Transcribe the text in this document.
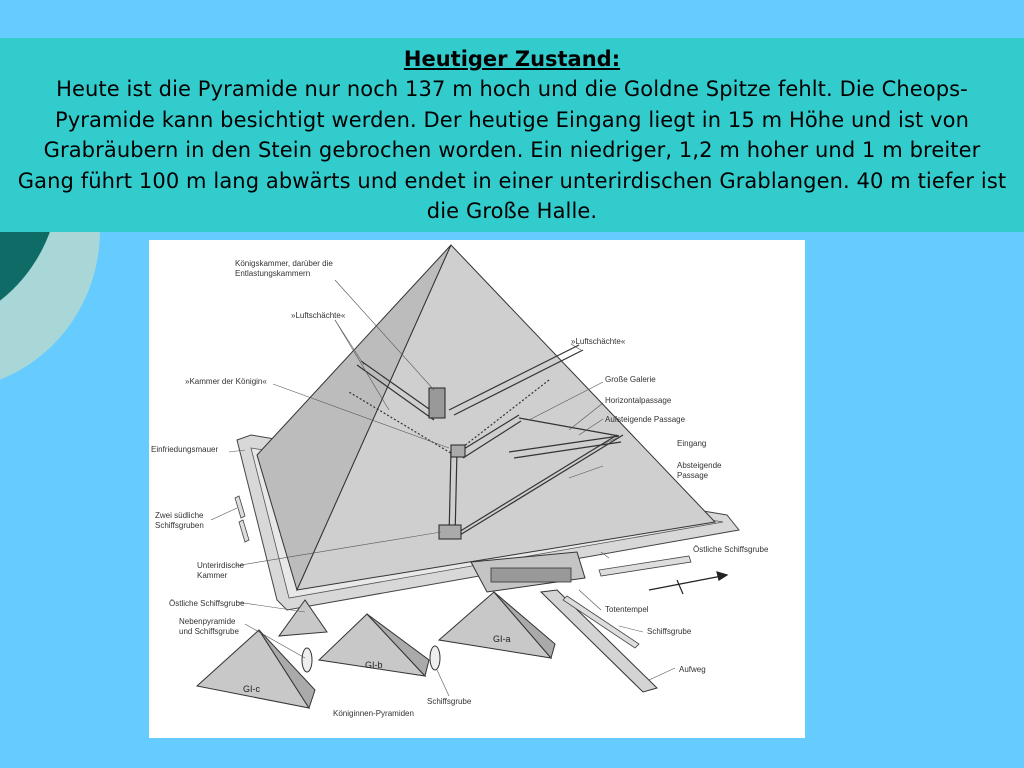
Heutiger Zustand:
Heute ist die Pyramide nur noch 137 m hoch und die Goldne Spitze fehlt. Die Cheops-Pyramide kann besichtigt werden. Der heutige Eingang liegt in 15 m Höhe und ist von Grabräubern in den Stein gebrochen worden. Ein niedriger, 1,2 m hoher und 1 m breiter Gang führt 100 m lang abwärts und endet in einer unterirdischen Grablangen. 40 m tiefer ist die Große Halle.
Königskammer, darüber die
Entlastungskammern
»Luftschächte«
»Luftschächte«
»Kammer der Königin«	Große Galerie
Horizontalpassage
Aufsteigende Passage
Eingang
Absteigende
Passage
Einfriedungsmauer
Zwei südliche
Schiffsgruben
Unterirdische
Kammer
Östliche Schiffsgrube
Nebenpyramide
und Schiffsgrube
Östliche Schiffsgrube
Totentempel
Schiffsgrube
Aufweg
Schiffsgrube
Königinnen-Pyramiden
GI-a
GI-b
GI-c
